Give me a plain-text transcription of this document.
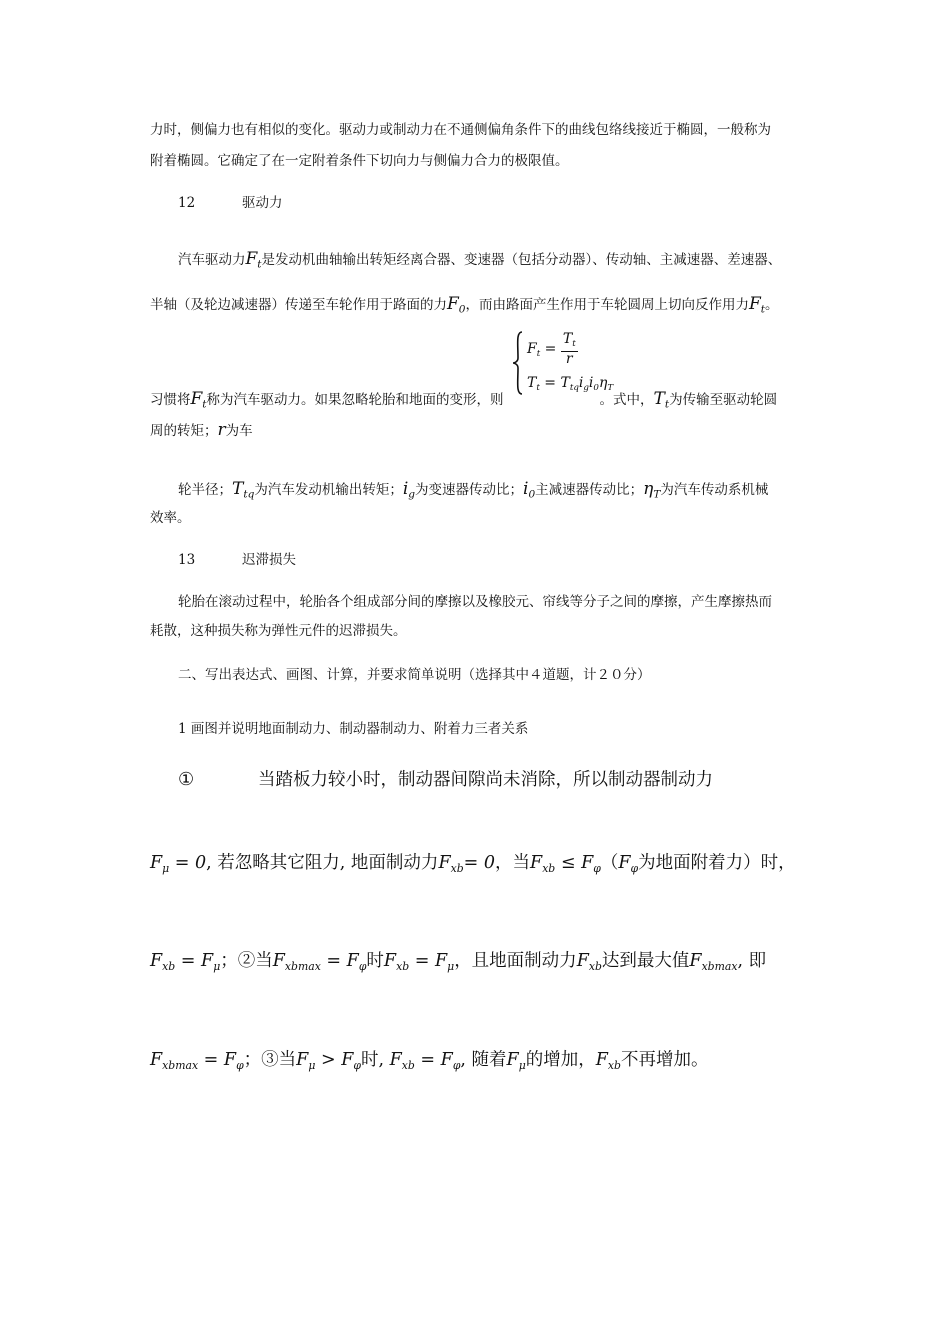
力时，侧偏力也有相似的变化。驱动力或制动力在不通侧偏角条件下的曲线包络线接近于椭圆，一般称为
附着椭圆。它确定了在一定附着条件下切向力与侧偏力合力的极限值。
12	驱动力
汽车驱动力$F_t$是发动机曲轴输出转矩经离合器、变速器（包括分动器）、传动轴、主减速器、差速器、
半轴（及轮边减速器）传递至车轮作用于路面的力$F_0$，而由路面产生作用于车轮圆周上切向反作用力$F_t$。
$F_t = \frac{T_t}{r}$
$T_t = T_{tq}i_gi_0\eta_T$
习惯将$F_t$称为汽车驱动力。如果忽略轮胎和地面的变形，则	。式中，$T_t$为传输至驱动轮圆
周的转矩；r为车
轮半径；$T_{tq}$为汽车发动机输出转矩；$i_g$为变速器传动比；$i_0$主减速器传动比；$\eta_T$为汽车传动系机械
效率。
13	迟滞损失
轮胎在滚动过程中，轮胎各个组成部分间的摩擦以及橡胶元、帘线等分子之间的摩擦，产生摩擦热而
耗散，这种损失称为弹性元件的迟滞损失。
二、写出表达式、画图、计算，并要求简单说明（选择其中４道题，计２０分）
1 画图并说明地面制动力、制动器制动力、附着力三者关系
①	当踏板力较小时，制动器间隙尚未消除，所以制动器制动力
$F_\mu = 0$, 若忽略其它阻力, 地面制动力$F_{xb}= 0$，当$F_{xb} \le F_\varphi(F_\varphi$为地面附着力）时，
$F_{xb} = F_\mu$；②当$F_{xbmax} = F_\varphi$时$F_{xb} = F_\mu$，且地面制动力$F_{xb}$达到最大值$F_{xbmax}$, 即
$F_{xbmax} = F_\varphi$；③当$F_\mu > F_\varphi$时, $F_{xb} = F_\varphi$, 随着$F_\mu$的增加，$F_{xb}$不再增加。
